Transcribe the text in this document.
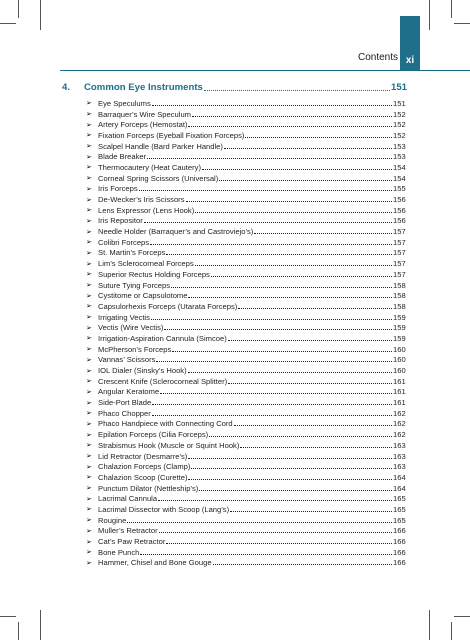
Contents xi
4.	Common Eye Instruments	151
➢ Eye Speculums	151
➢ Barraquer’s Wire Speculum	152
➢ Artery Forceps (Hemostat)	152
➢ Fixation Forceps (Eyeball Fixation Forceps)	152
➢ Scalpel Handle (Bard Parker Handle)	153
➢ Blade Breaker	153
➢ Thermocautery (Heat Cautery)	154
➢ Corneal Spring Scissors (Universal)	154
➢ Iris Forceps	155
➢ De-Wecker’s Iris Scissors	156
➢ Lens Expressor (Lens Hook)	156
➢ Iris Repositor	156
➢ Needle Holder (Barraquer’s and Castroviejo’s)	157
➢ Colibri Forceps	157
➢ St. Martin’s Forceps	157
➢ Lim’s Sclerocorneal Forceps	157
➢ Superior Rectus Holding Forceps	157
➢ Suture Tying Forceps	158
➢ Cystitome or Capsulotome	158
➢ Capsulorhexis Forceps (Utarata Forceps)	158
➢ Irrigating Vectis	159
➢ Vectis (Wire Vectis)	159
➢ Irrigation-Aspiration Cannula (Simcoe)	159
➢ McPherson’s Forceps	160
➢ Vannas’ Scissors	160
➢ IOL Dialer (Sinsky’s Hook)	160
➢ Crescent Knife (Sclerocorneal Splitter)	161
➢ Angular Keratome	161
➢ Side-Port Blade	161
➢ Phaco Chopper	162
➢ Phaco Handpiece with Connecting Cord	162
➢ Epilation Forceps (Cilia Forceps)	162
➢ Strabismus Hook (Muscle or Squint Hook)	163
➢ Lid Retractor (Desmarre’s)	163
➢ Chalazion Forceps (Clamp)	163
➢ Chalazion Scoop (Curette)	164
➢ Punctum Dilator (Nettleship’s)	164
➢ Lacrimal Cannula	165
➢ Lacrimal Dissector with Scoop (Lang’s)	165
➢ Rougine	165
➢ Muller’s Retractor	166
➢ Cat’s Paw Retractor	166
➢ Bone Punch	166
➢ Hammer, Chisel and Bone Gouge	166
